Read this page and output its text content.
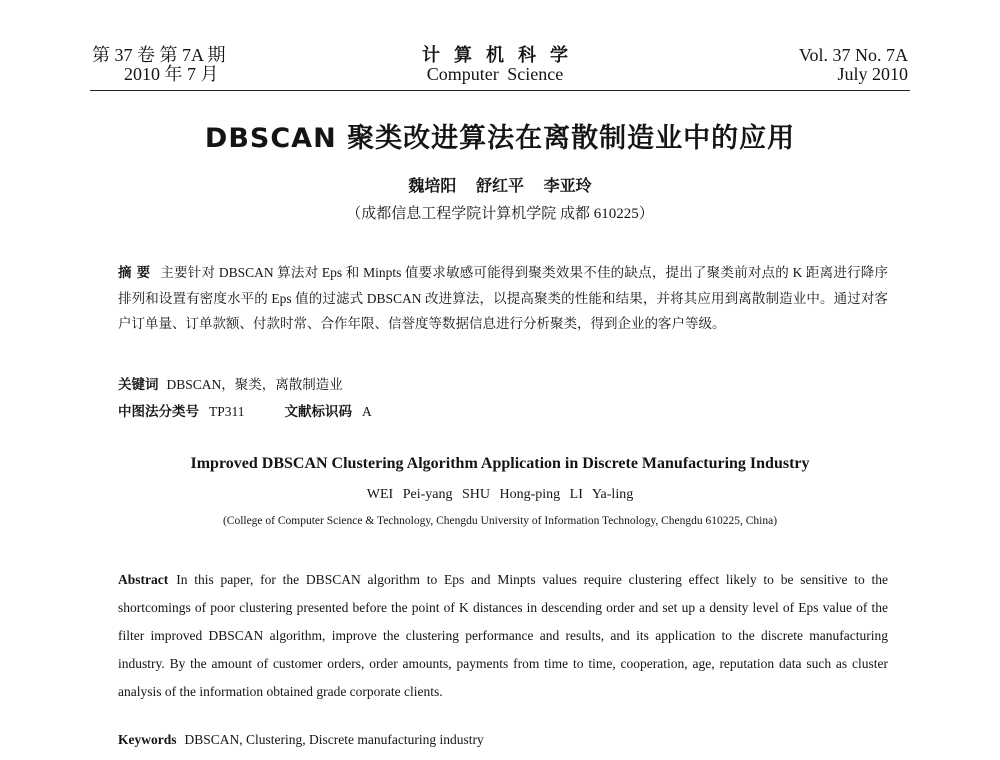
第 37 卷 第 7A 期
2010 年 7 月
计算机科学
Computer Science
Vol. 37 No. 7A
July 2010
DBSCAN 聚类改进算法在离散制造业中的应用
魏培阳 舒红平 李亚玲
（成都信息工程学院计算机学院 成都 610225）
摘 要 主要针对 DBSCAN 算法对 Eps 和 Minpts 值要求敏感可能得到聚类效果不佳的缺点，提出了聚类前对点的 K 距离进行降序排列和设置有密度水平的 Eps 值的过滤式 DBSCAN 改进算法，以提高聚类的性能和结果，并将其应用到离散制造业中。通过对客户订单量、订单款额、付款时常、合作年限、信誉度等数据信息进行分析聚类，得到企业的客户等级。
关键词 DBSCAN，聚类，离散制造业
中图法分类号 TP311	文献标识码 A
Improved DBSCAN Clustering Algorithm Application in Discrete Manufacturing Industry
WEI Pei-yang SHU Hong-ping LI Ya-ling
(College of Computer Science & Technology, Chengdu University of Information Technology, Chengdu 610225, China)
Abstract In this paper, for the DBSCAN algorithm to Eps and Minpts values require clustering effect likely to be sensitive to the shortcomings of poor clustering presented before the point of K distances in descending order and set up a density level of Eps value of the filter improved DBSCAN algorithm, improve the clustering performance and results, and its application to the discrete manufacturing industry. By the amount of customer orders, order amounts, payments from time to time, cooperation, age, reputation data such as cluster analysis of the information obtained grade corporate clients.
Keywords DBSCAN, Clustering, Discrete manufacturing industry
